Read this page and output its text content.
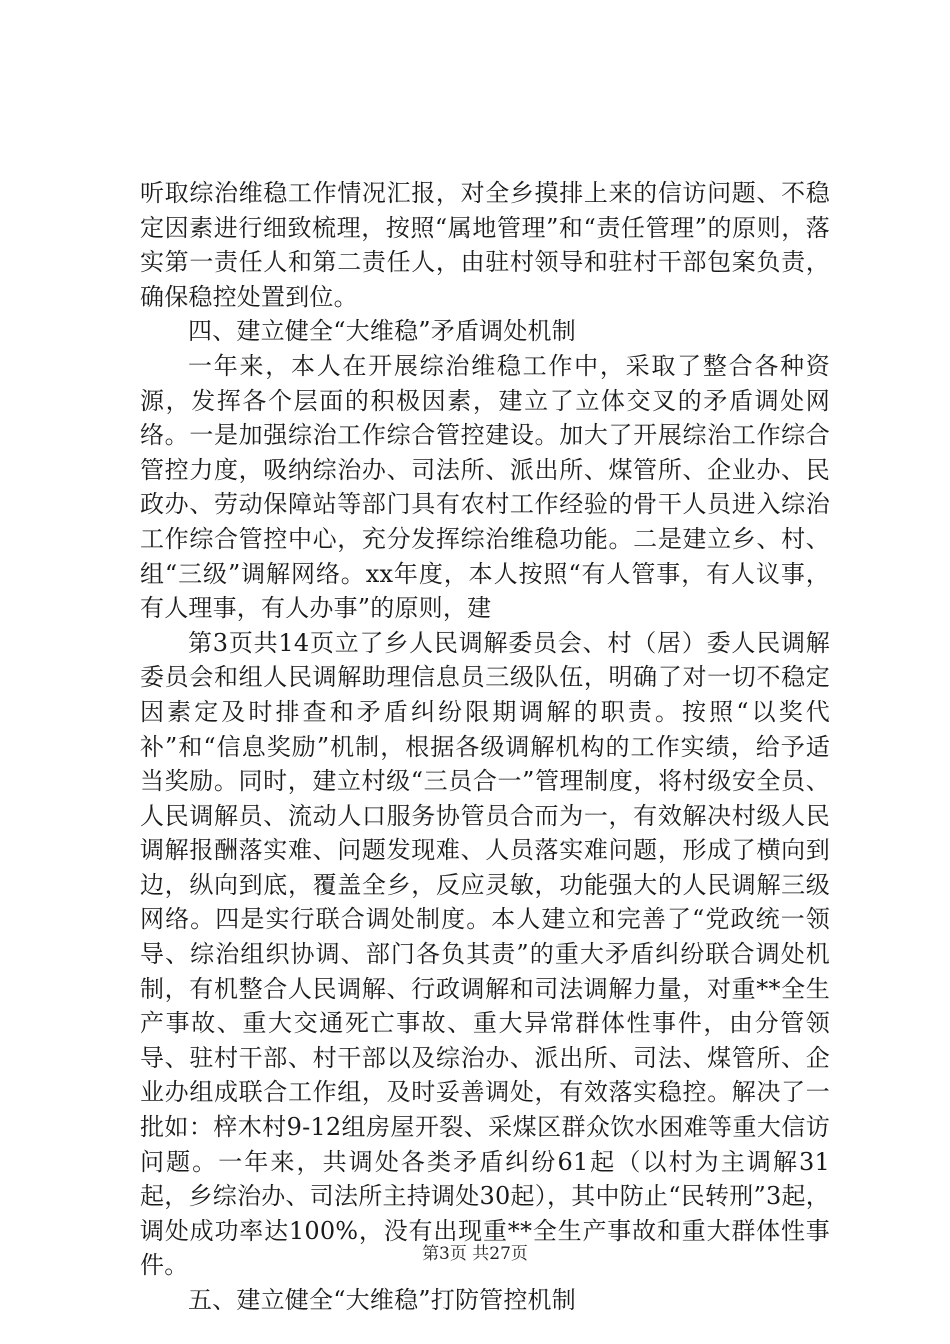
听取综治维稳工作情况汇报，对全乡摸排上来的信访问题、不稳定因素进行细致梳理，按照“属地管理”和“责任管理”的原则，落实第一责任人和第二责任人，由驻村领导和驻村干部包案负责，确保稳控处置到位。

四、建立健全“大维稳”矛盾调处机制

一年来，本人在开展综治维稳工作中，采取了整合各种资源，发挥各个层面的积极因素，建立了立体交叉的矛盾调处网络。一是加强综治工作综合管控建设。加大了开展综治工作综合管控力度，吸纳综治办、司法所、派出所、煤管所、企业办、民政办、劳动保障站等部门具有农村工作经验的骨干人员进入综治工作综合管控中心，充分发挥综治维稳功能。二是建立乡、村、组“三级”调解网络。xx年度，本人按照“有人管事，有人议事，有人理事，有人办事”的原则，建

第3页共14页立了乡人民调解委员会、村（居）委人民调解委员会和组人民调解助理信息员三级队伍，明确了对一切不稳定因素定及时排查和矛盾纠纷限期调解的职责。按照“以奖代补”和“信息奖励”机制，根据各级调解机构的工作实绩，给予适当奖励。同时，建立村级“三员合一”管理制度，将村级安全员、人民调解员、流动人口服务协管员合而为一，有效解决村级人民调解报酬落实难、问题发现难、人员落实难问题，形成了横向到边，纵向到底，覆盖全乡，反应灵敏，功能强大的人民调解三级网络。四是实行联合调处制度。本人建立和完善了“党政统一领导、综治组织协调、部门各负其责”的重大矛盾纠纷联合调处机制，有机整合人民调解、行政调解和司法调解力量，对重**全生产事故、重大交通死亡事故、重大异常群体性事件，由分管领导、驻村干部、村干部以及综治办、派出所、司法、煤管所、企业办组成联合工作组，及时妥善调处，有效落实稳控。解决了一批如：梓木村9-12组房屋开裂、采煤区群众饮水困难等重大信访问题。一年来，共调处各类矛盾纠纷61起（以村为主调解31起，乡综治办、司法所主持调处30起），其中防止“民转刑”3起，调处成功率达100%，没有出现重**全生产事故和重大群体性事件。

五、建立健全“大维稳”打防管控机制

第3页 共27页
